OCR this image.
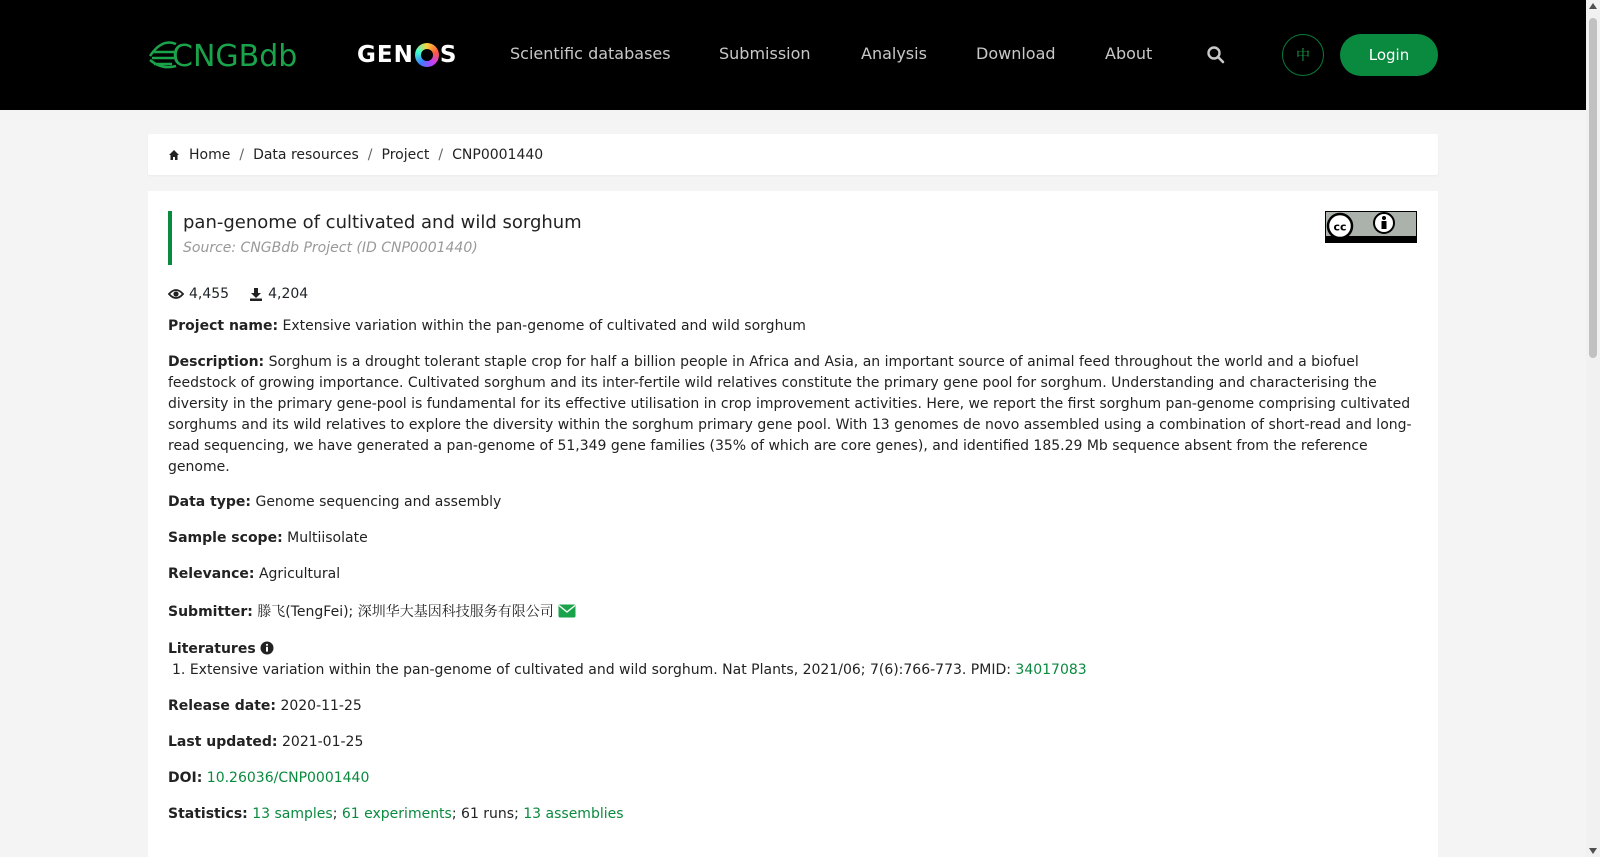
CNGBdb	GEN S	Scientific databases	Submission	Analysis	Download	About	中	Login
Home / Data resources / Project / CNP0001440
pan-genome of cultivated and wild sorghum
Source: CNGBdb Project (ID CNP0001440)
cc
4,455	4,204
Project name: Extensive variation within the pan-genome of cultivated and wild sorghum
Description: Sorghum is a drought tolerant staple crop for half a billion people in Africa and Asia, an important source of animal feed throughout the world and a biofuel feedstock of growing importance. Cultivated sorghum and its inter-fertile wild relatives constitute the primary gene pool for sorghum. Understanding and characterising the diversity in the primary gene-pool is fundamental for its effective utilisation in crop improvement activities. Here, we report the first sorghum pan-genome comprising cultivated sorghums and its wild relatives to explore the diversity within the sorghum primary gene pool. With 13 genomes de novo assembled using a combination of short-read and long-read sequencing, we have generated a pan-genome of 51,349 gene families (35% of which are core genes), and identified 185.29 Mb sequence absent from the reference genome.
Data type: Genome sequencing and assembly
Sample scope: Multiisolate
Relevance: Agricultural
Submitter: 滕飞(TengFei); 深圳华大基因科技服务有限公司
Literatures
1. Extensive variation within the pan-genome of cultivated and wild sorghum. Nat Plants, 2021/06; 7(6):766-773. PMID: 34017083
Release date: 2020-11-25
Last updated: 2021-01-25
DOI: 10.26036/CNP0001440
Statistics: 13 samples; 61 experiments; 61 runs; 13 assemblies
